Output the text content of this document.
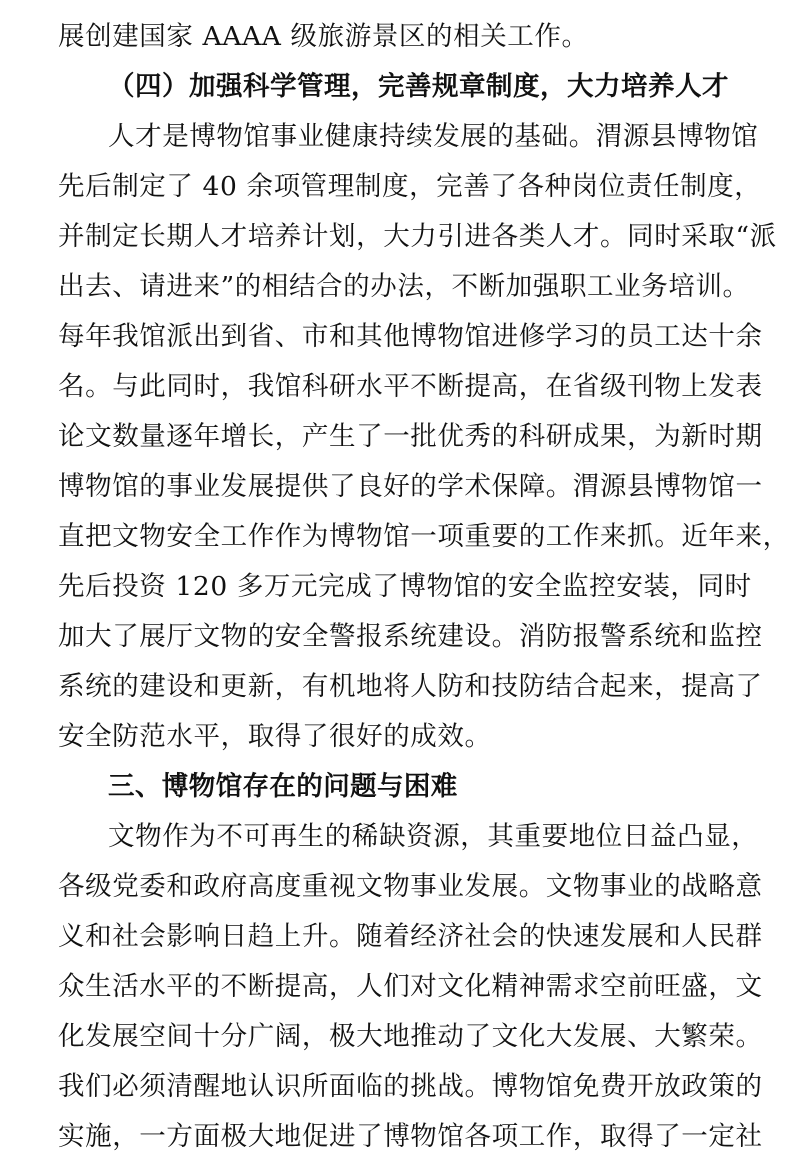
展创建国家 AAAA 级旅游景区的相关工作。
（四）加强科学管理，完善规章制度，大力培养人才
人才是博物馆事业健康持续发展的基础。渭源县博物馆
先后制定了 40 余项管理制度，完善了各种岗位责任制度，
并制定长期人才培养计划，大力引进各类人才。同时采取“派
出去、请进来”的相结合的办法，不断加强职工业务培训。
每年我馆派出到省、市和其他博物馆进修学习的员工达十余
名。与此同时，我馆科研水平不断提高，在省级刊物上发表
论文数量逐年增长，产生了一批优秀的科研成果，为新时期
博物馆的事业发展提供了良好的学术保障。渭源县博物馆一
直把文物安全工作作为博物馆一项重要的工作来抓。近年来，
先后投资 120 多万元完成了博物馆的安全监控安装，同时
加大了展厅文物的安全警报系统建设。消防报警系统和监控
系统的建设和更新，有机地将人防和技防结合起来，提高了
安全防范水平，取得了很好的成效。
三、博物馆存在的问题与困难
文物作为不可再生的稀缺资源，其重要地位日益凸显，
各级党委和政府高度重视文物事业发展。文物事业的战略意
义和社会影响日趋上升。随着经济社会的快速发展和人民群
众生活水平的不断提高，人们对文化精神需求空前旺盛，文
化发展空间十分广阔，极大地推动了文化大发展、大繁荣。
我们必须清醒地认识所面临的挑战。博物馆免费开放政策的
实施，一方面极大地促进了博物馆各项工作，取得了一定社
